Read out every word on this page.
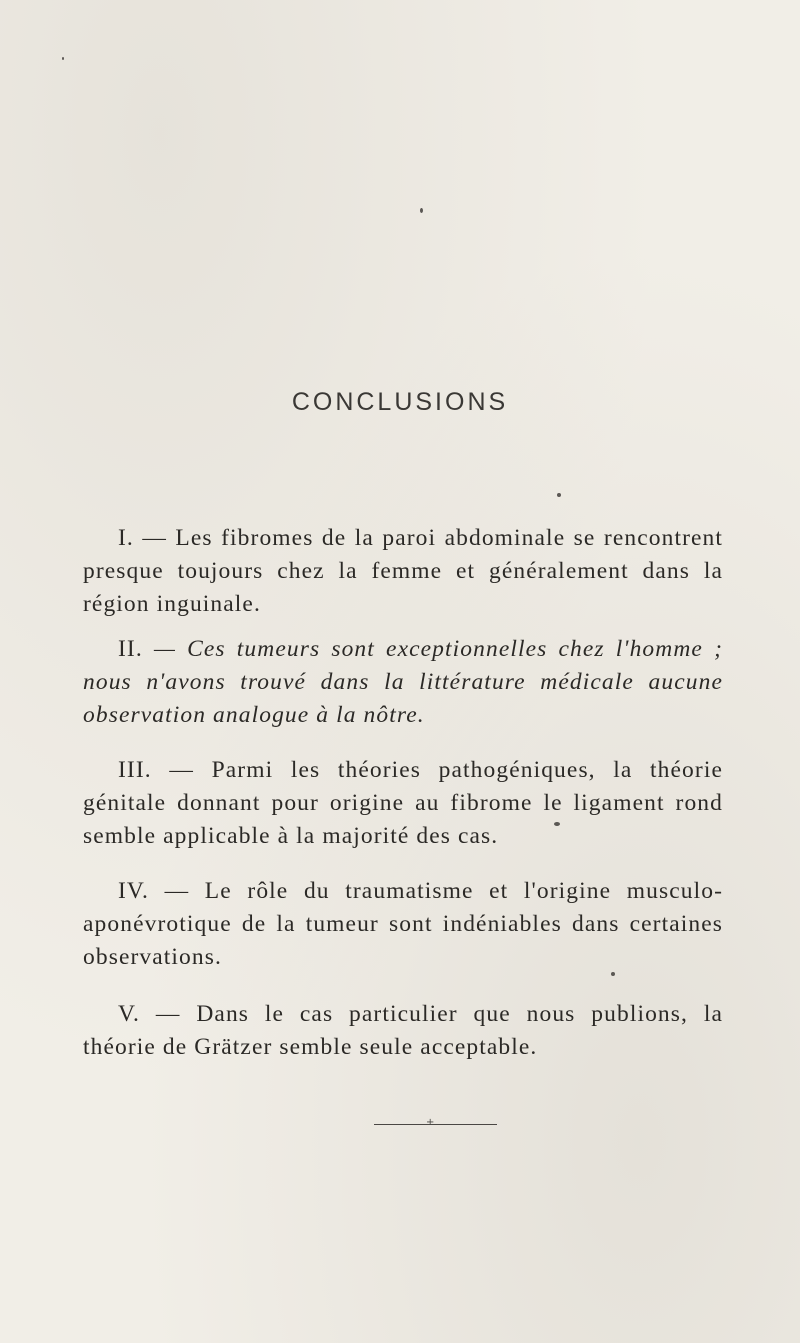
CONCLUSIONS

I. — Les fibromes de la paroi abdominale se rencontrent presque toujours chez la femme et généralement dans la région inguinale.

II. — Ces tumeurs sont exceptionnelles chez l'homme ; nous n'avons trouvé dans la littérature médicale aucune observation analogue à la nôtre.

III. — Parmi les théories pathogéniques, la théorie génitale donnant pour origine au fibrome le ligament rond semble applicable à la majorité des cas.

IV. — Le rôle du traumatisme et l'origine musculo-aponévrotique de la tumeur sont indéniables dans certaines observations.

V. — Dans le cas particulier que nous publions, la théorie de Grätzer semble seule acceptable.

+
